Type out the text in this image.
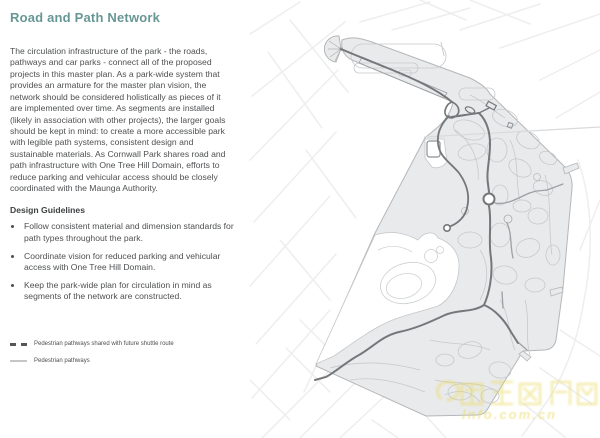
Road and Path Network

The circulation infrastructure of the park - the roads, pathways and car parks - connect all of the proposed projects in this master plan. As a park-wide system that provides an armature for the master plan vision, the network should be considered holistically as pieces of it are implemented over time. As segments are installed (likely in association with other projects), the larger goals should be kept in mind: to create a more accessible park with legible path systems, consistent design and sustainable materials. As Cornwall Park shares road and path infrastructure with One Tree Hill Domain, efforts to reduce parking and vehicular access should be closely coordinated with the Maunga Authority.

Design Guidelines
• Follow consistent material and dimension standards for path types throughout the park.
• Coordinate vision for reduced parking and vehicular access with One Tree Hill Domain.
• Keep the park-wide plan for circulation in mind as segments of the network are constructed.
Pedestrian pathways shared with future shuttle route
Pedestrian pathways
lnfo.com.cn
